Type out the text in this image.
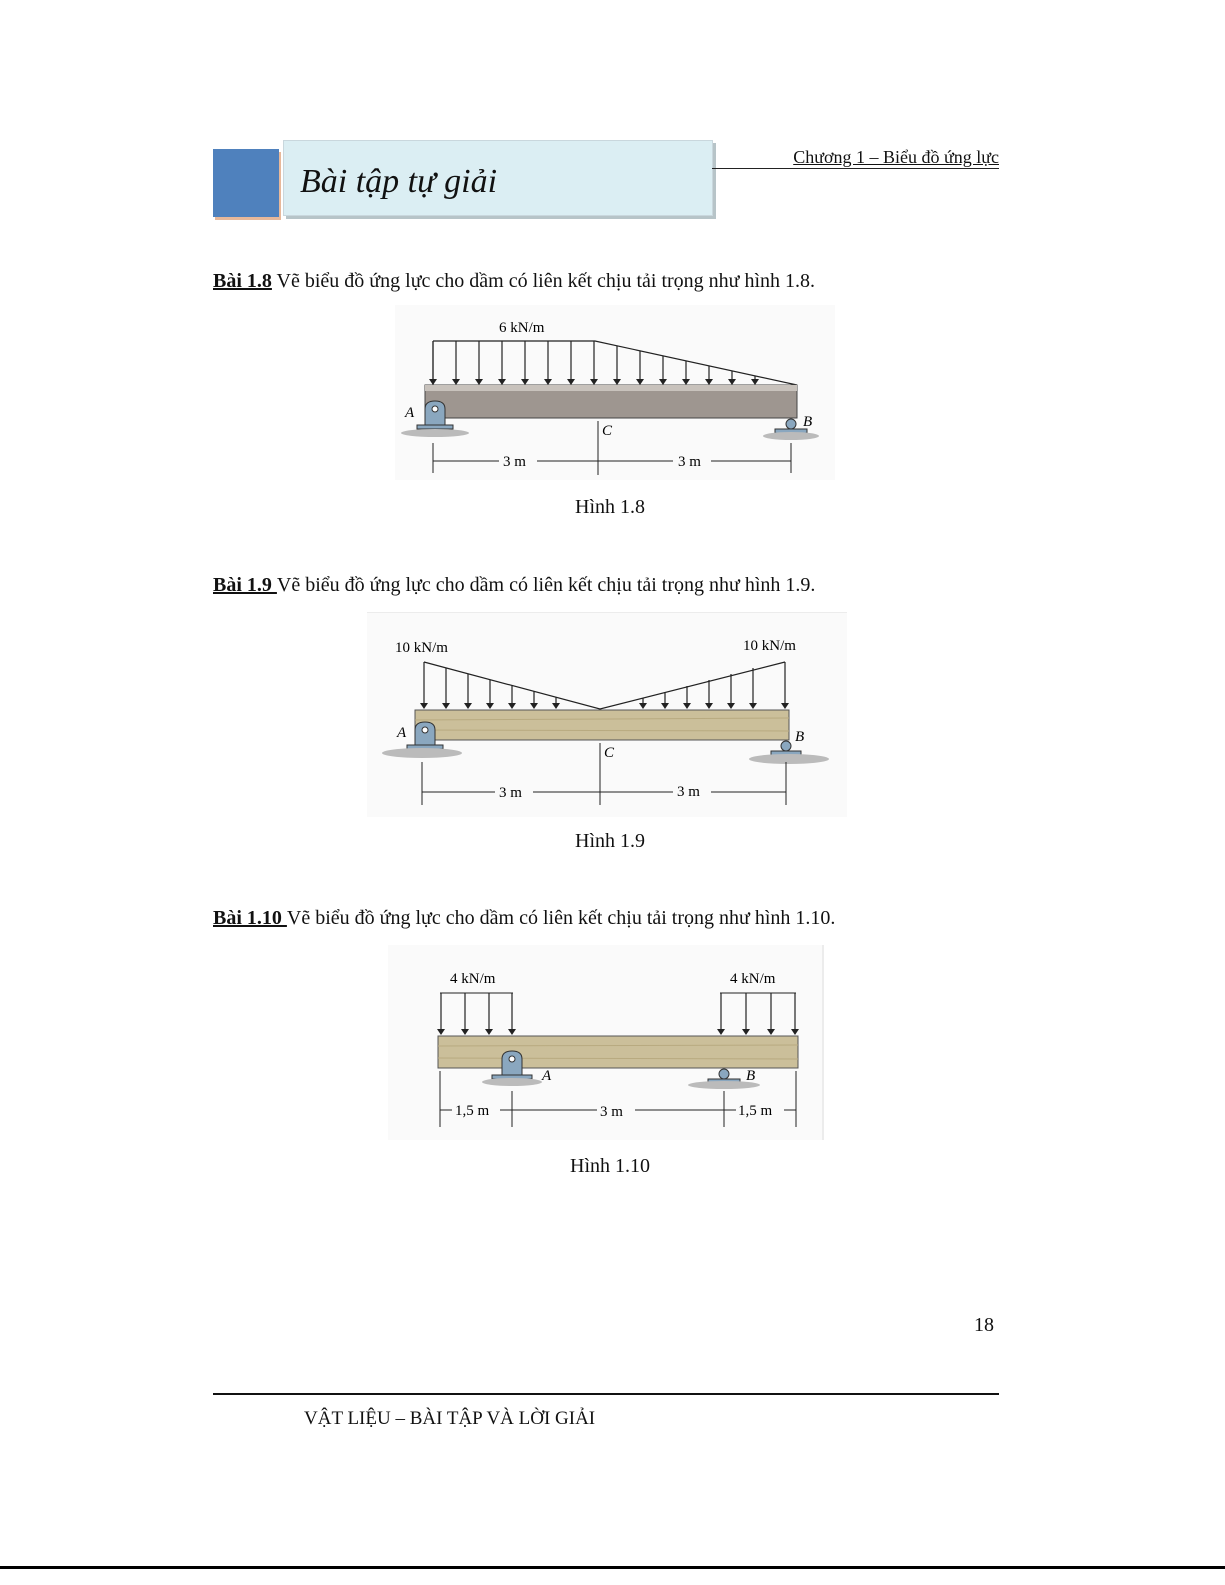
Bài tập tự giải
Chương 1 – Biểu đồ ứng lực
Bài 1.8 Vẽ biểu đồ ứng lực cho dầm có liên kết chịu tải trọng như hình 1.8.
6 kN/m
A
B
C
3 m	3 m
Hình 1.8
Bài 1.9 Vẽ biểu đồ ứng lực cho dầm có liên kết chịu tải trọng như hình 1.9.
10 kN/m	10 kN/m
A	B
C
3 m	3 m
Hình 1.9
Bài 1.10 Vẽ biểu đồ ứng lực cho dầm có liên kết chịu tải trọng như hình 1.10.
4 kN/m	4 kN/m
A	B
1,5 m	3 m	1,5 m
Hình 1.10
18
VẬT LIỆU – BÀI TẬP VÀ LỜI GIẢI
